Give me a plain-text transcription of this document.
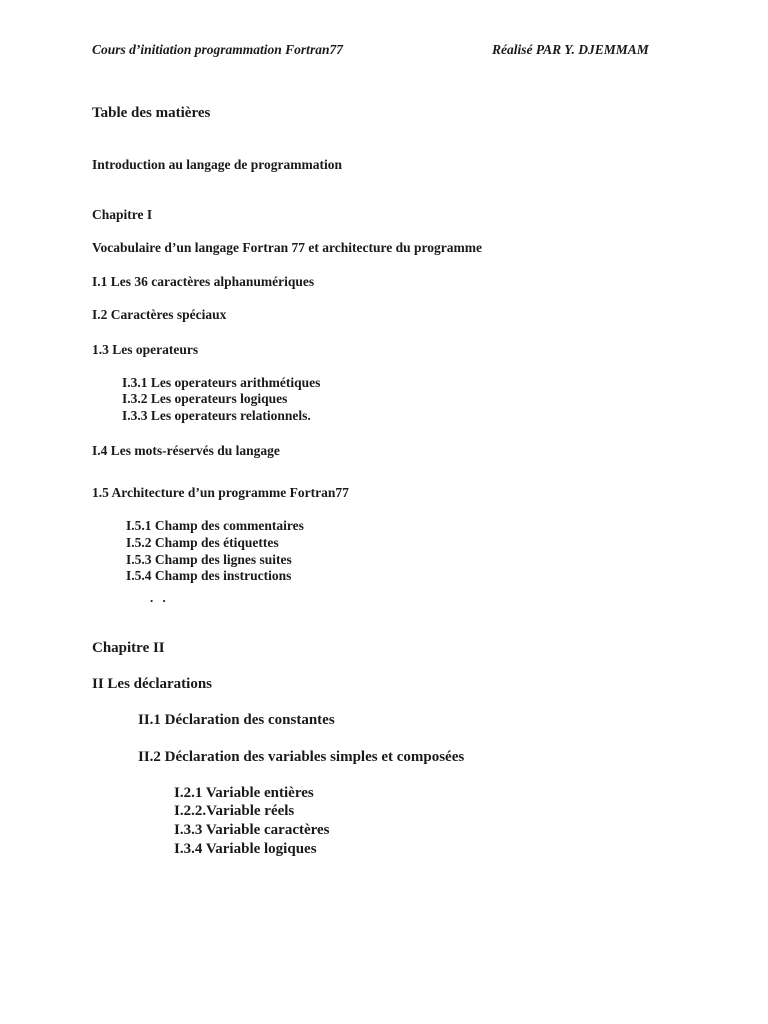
Cours d’initiation programmation Fortran77	Réalisé PAR Y. DJEMMAM
Table des matières
Introduction au langage de programmation
Chapitre I
Vocabulaire d’un langage Fortran 77 et architecture du programme
I.1 Les 36 caractères alphanumériques
I.2 Caractères spéciaux
1.3 Les operateurs
I.3.1 Les operateurs arithmétiques
I.3.2 Les operateurs logiques
I.3.3 Les operateurs relationnels.
I.4 Les mots-réservés du langage
1.5 Architecture d’un programme Fortran77
I.5.1 Champ des commentaires
I.5.2 Champ des étiquettes
I.5.3 Champ des lignes suites
I.5.4 Champ des instructions
. .
Chapitre II
II Les déclarations
II.1 Déclaration des constantes
II.2 Déclaration des variables simples et composées
I.2.1 Variable entières
I.2.2.Variable réels
I.3.3 Variable caractères
I.3.4 Variable logiques
